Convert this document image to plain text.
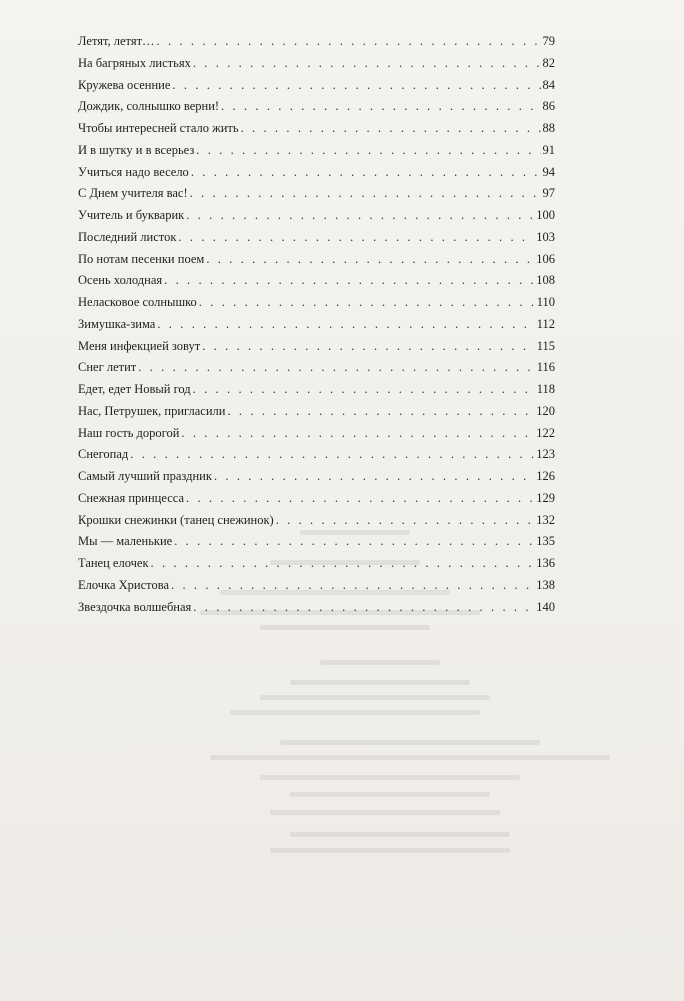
Летят, летят… . . .	79
На багряных листьях . . .	82
Кружева осенние . . .	84
Дождик, солнышко верни! . . .	86
Чтобы интересней стало жить . . .	88
И в шутку и в всерьез . . .	91
Учиться надо весело . . .	94
С Днем учителя вас! . . .	97
Учитель и букварик . . .	100
Последний листок . . .	103
По нотам песенки поем . . .	106
Осень холодная . . .	108
Неласковое солнышко . . .	110
Зимушка-зима . . .	112
Меня инфекцией зовут . . .	115
Снег летит . . .	116
Едет, едет Новый год . . .	118
Нас, Петрушек, пригласили . . .	120
Наш гость дорогой . . .	122
Снегопад . . .	123
Самый лучший праздник . . .	126
Снежная принцесса . . .	129
Крошки снежинки (танец снежинок) . . .	132
Мы — маленькие . . .	135
Танец елочек . . .	136
Елочка Христова . . .	138
Звездочка волшебная . . .	140
